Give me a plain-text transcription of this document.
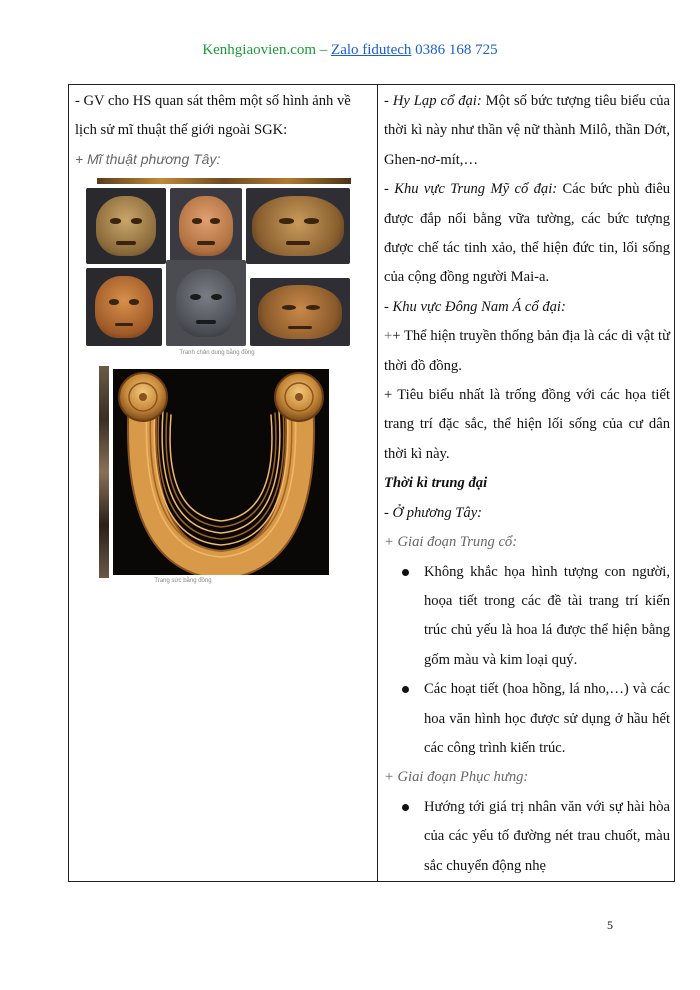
Kenhgiaovien.com – Zalo fidutech 0386 168 725

- GV cho HS quan sát thêm một số hình ảnh về lịch sử mĩ thuật thế giới ngoài SGK:

+ Mĩ thuật phương Tây:

- Hy Lạp cổ đại: Một số bức tượng tiêu biểu của thời kì này như thần vệ nữ thành Milô, thần Dớt, Ghen-nơ-mít,…

- Khu vực Trung Mỹ cổ đại: Các bức phù điêu được đắp nổi bằng vữa tường, các bức tượng được chế tác tinh xảo, thể hiện đức tin, lối sống của cộng đồng người Mai-a.

- Khu vực Đông Nam Á cổ đại:

++ Thể hiện truyền thống bản địa là các di vật từ thời đồ đồng.

+ Tiêu biểu nhất là trống đồng với các họa tiết trang trí đặc sắc, thể hiện lối sống của cư dân thời kì này.

Thời kì trung đại

- Ở phương Tây:

+ Giai đoạn Trung cổ:

Không khắc họa hình tượng con người, hoọa tiết trong các đề tài trang trí kiến trúc chủ yếu là hoa lá được thể hiện bằng gốm màu và kim loại quý.
Các hoạt tiết (hoa hồng, lá nho,…) và các hoa văn hình học được sử dụng ở hầu hết các công trình kiến trúc.

+ Giai đoạn Phục hưng:

Hướng tới giá trị nhân văn với sự hài hòa của các yếu tố đường nét trau chuốt, màu sắc chuyển động nhẹ
Tranh chân dung bằng đồng
Trang sức bằng đồng
5
